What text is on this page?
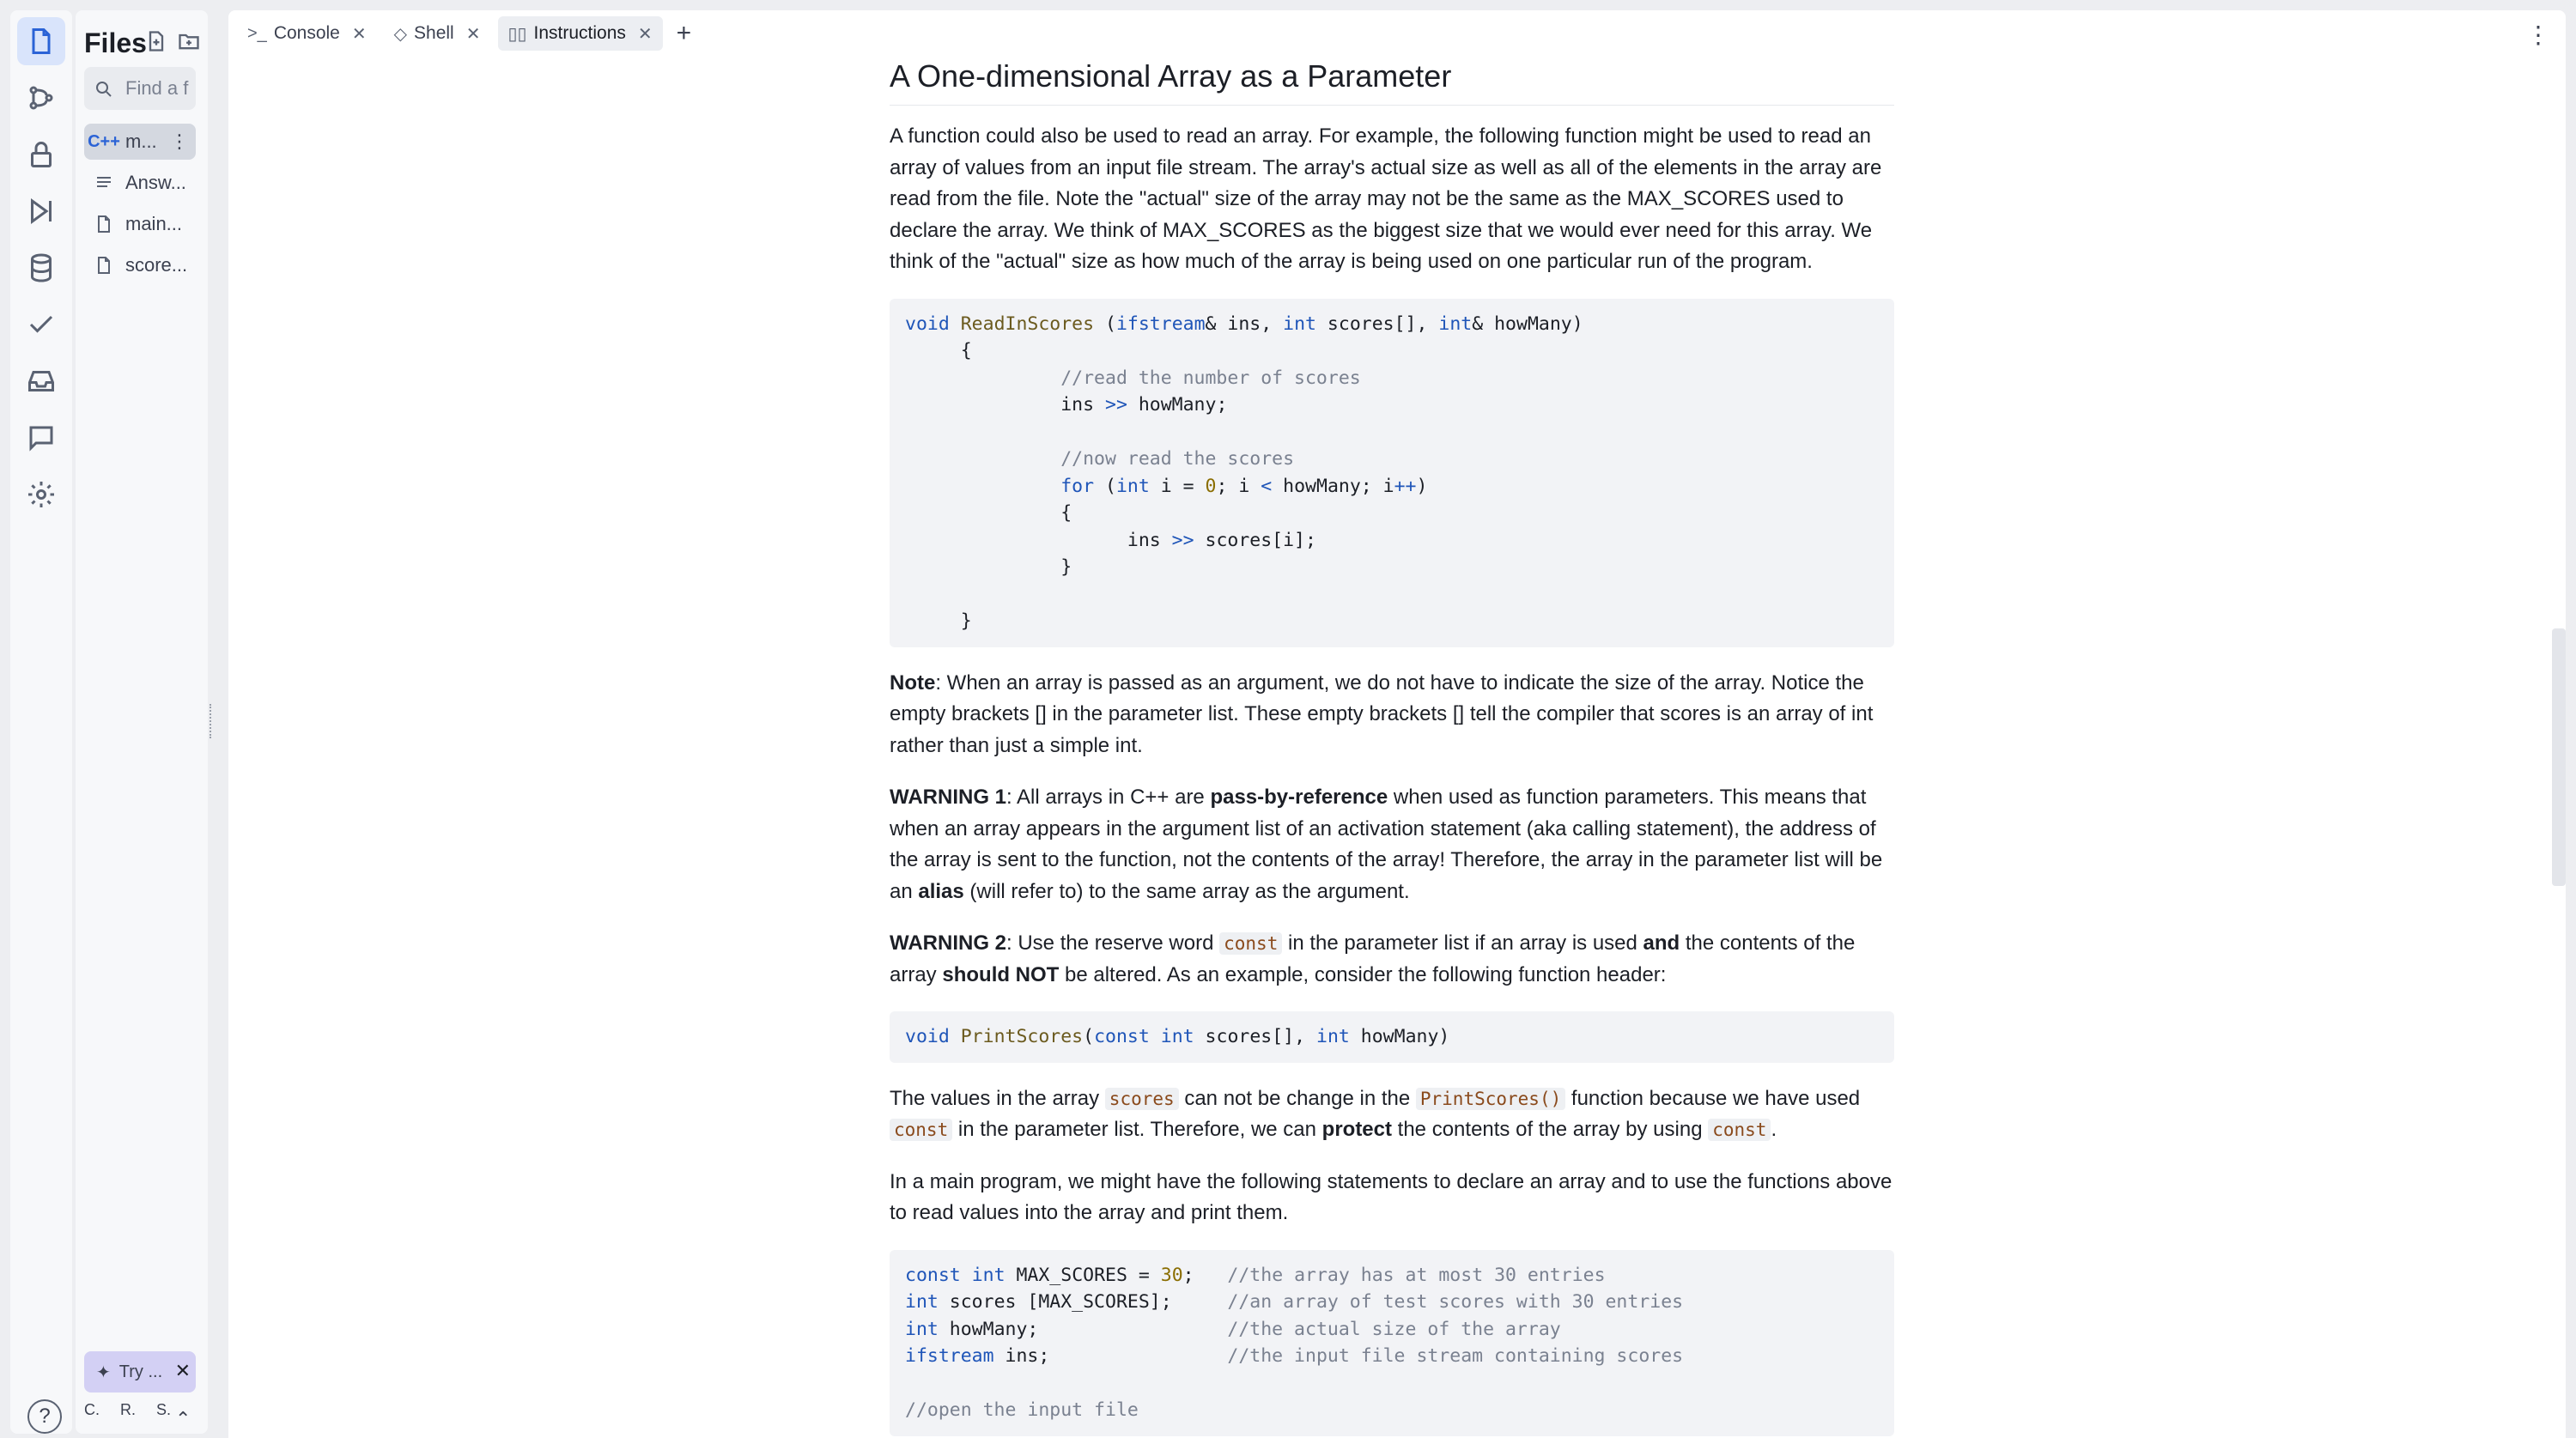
?
Files
Find a f
C++ m... ⋮
Answ...
main...
score...
✦ Try ... ✕
C. R. S. ⌃
>_ Console ✕ ◇ Shell ✕ ▯▯ Instructions ✕ +	⋮
A One-dimensional Array as a Parameter

A function could also be used to read an array. For example, the following function might be used to read an array of values from an input file stream. The array's actual size as well as all of the elements in the array are read from the file. Note the "actual" size of the array may not be the same as the MAX_SCORES used to declare the array. We think of MAX_SCORES as the biggest size that we would ever need for this array. We think of the "actual" size as how much of the array is being used on one particular run of the program.

void ReadInScores (ifstream& ins, int scores[], int& howMany)
{
//read the number of scores
ins >> howMany;

//now read the scores
for (int i = 0; i < howMany; i++)
{
ins >> scores[i];
}

}

Note: When an array is passed as an argument, we do not have to indicate the size of the array. Notice the empty brackets [] in the parameter list. These empty brackets [] tell the compiler that scores is an array of int rather than just a simple int.

WARNING 1: All arrays in C++ are pass-by-reference when used as function parameters. This means that when an array appears in the argument list of an activation statement (aka calling statement), the address of the array is sent to the function, not the contents of the array! Therefore, the array in the parameter list will be an alias (will refer to) to the same array as the argument.

WARNING 2: Use the reserve word const in the parameter list if an array is used and the contents of the array should NOT be altered. As an example, consider the following function header:

void PrintScores(const int scores[], int howMany)

The values in the array scores can not be change in the PrintScores() function because we have used const in the parameter list. Therefore, we can protect the contents of the array by using const .

In a main program, we might have the following statements to declare an array and to use the functions above to read values into the array and print them.

const int MAX_SCORES = 30;   //the array has at most 30 entries
int scores [MAX_SCORES];     //an array of test scores with 30 entries
int howMany;                 //the actual size of the array
ifstream ins;                //the input file stream containing scores

//open the input file
